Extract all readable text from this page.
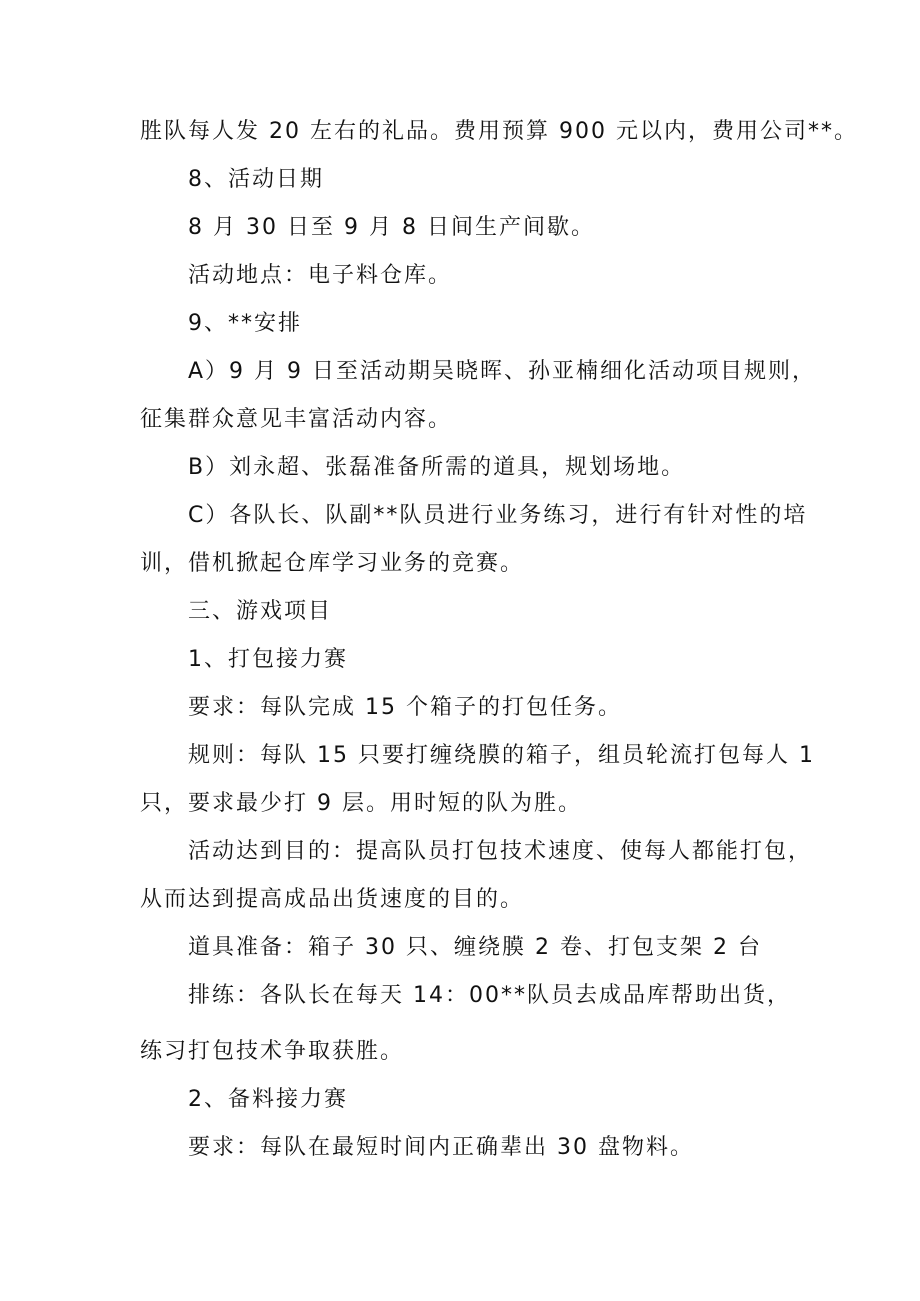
胜队每人发 20 左右的礼品。费用预算 900 元以内，费用公司**。
8、活动日期
8 月 30 日至 9 月 8 日间生产间歇。
活动地点：电子料仓库。
9、**安排
A）9 月 9 日至活动期吴晓晖、孙亚楠细化活动项目规则，
征集群众意见丰富活动内容。
B）刘永超、张磊准备所需的道具，规划场地。
C）各队长、队副**队员进行业务练习，进行有针对性的培
训，借机掀起仓库学习业务的竞赛。
三、游戏项目
1、打包接力赛
要求：每队完成 15 个箱子的打包任务。
规则：每队 15 只要打缠绕膜的箱子，组员轮流打包每人 1
只，要求最少打 9 层。用时短的队为胜。
活动达到目的：提高队员打包技术速度、使每人都能打包，
从而达到提高成品出货速度的目的。
道具准备：箱子 30 只、缠绕膜 2 卷、打包支架 2 台
排练：各队长在每天 14：00**队员去成品库帮助出货，
练习打包技术争取获胜。
2、备料接力赛
要求：每队在最短时间内正确辈出 30 盘物料。
